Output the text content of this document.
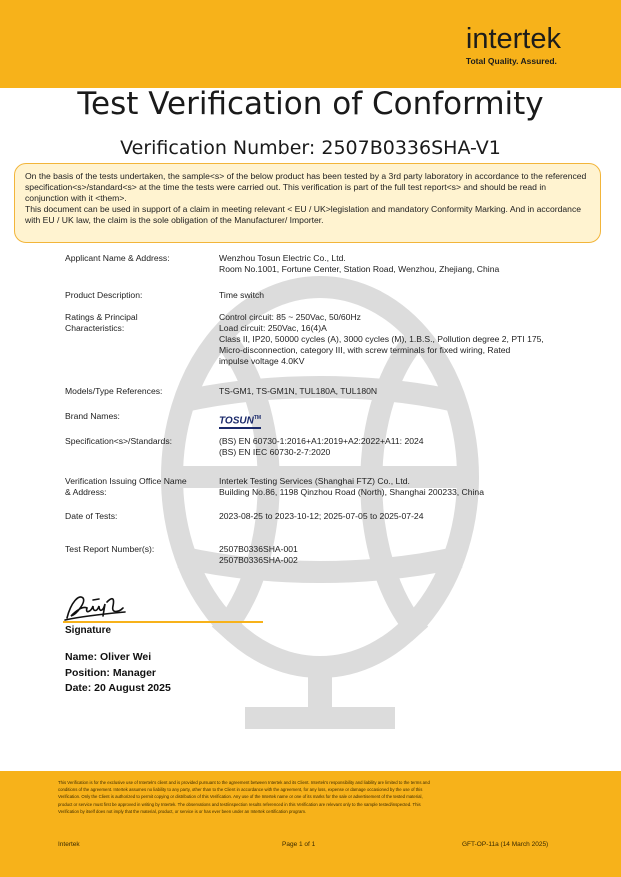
intertek
Total Quality. Assured.
Test Verification of Conformity
Verification Number: 2507B0336SHA-V1

On the basis of the tests undertaken, the sample<s> of the below product has been tested by a 3rd party laboratory in accordance to the referenced specification<s>/standard<s> at the time the tests were carried out. This verification is part of the full test report<s> and should be read in conjunction with it <them>.

This document can be used in support of a claim in meeting relevant < EU / UK>legislation and mandatory Conformity Marking. And in accordance with EU / UK law, the claim is the sole obligation of the Manufacturer/ Importer.

Applicant Name & Address:	Wenzhou Tosun Electric Co., Ltd.
Room No.1001, Fortune Center, Station Road, Wenzhou, Zhejiang, China
Product Description:	Time switch
Ratings & Principal
Characteristics:
Control circuit: 85 ~ 250Vac, 50/60Hz
Load circuit: 250Vac, 16(4)A
Class II, IP20, 50000 cycles (A), 3000 cycles (M), 1.B.S., Pollution degree 2, PTI 175,
Micro-disconnection, category III, with screw terminals for fixed wiring, Rated
impulse voltage 4.0KV
Models/Type References:	TS-GM1, TS-GM1N, TUL180A, TUL180N
Brand Names:	TOSUN™
Specification<s>/Standards:	(BS) EN 60730-1:2016+A1:2019+A2:2022+A11: 2024
(BS) EN IEC 60730-2-7:2020
Verification Issuing Office Name
& Address:
Intertek Testing Services (Shanghai FTZ) Co., Ltd.
Building No.86, 1198 Qinzhou Road (North), Shanghai 200233, China
Date of Tests:	2023-08-25 to 2023-10-12; 2025-07-05 to 2025-07-24
Test Report Number(s):	2507B0336SHA-001
2507B0336SHA-002
Signature
Name: Oliver Wei
Position: Manager
Date: 20 August 2025
This Verification is for the exclusive use of Intertek's client and is provided pursuant to the agreement between Intertek and its Client. Intertek's responsibility and liability are limited to the terms and
conditions of the agreement. Intertek assumes no liability to any party, other than to the Client in accordance with the agreement, for any loss, expense or damage occasioned by the use of this
Verification. Only the Client is authorized to permit copying or distribution of this Verification. Any use of the Intertek name or one of its marks for the sale or advertisement of the tested material,
product or service must first be approved in writing by Intertek. The observations and test/inspection results referenced in this Verification are relevant only to the sample tested/inspected. This
Verification by itself does not imply that the material, product, or service is or has ever been under an Intertek certification program.
Intertek	Page 1 of 1	GFT-OP-11a (14 March 2025)
